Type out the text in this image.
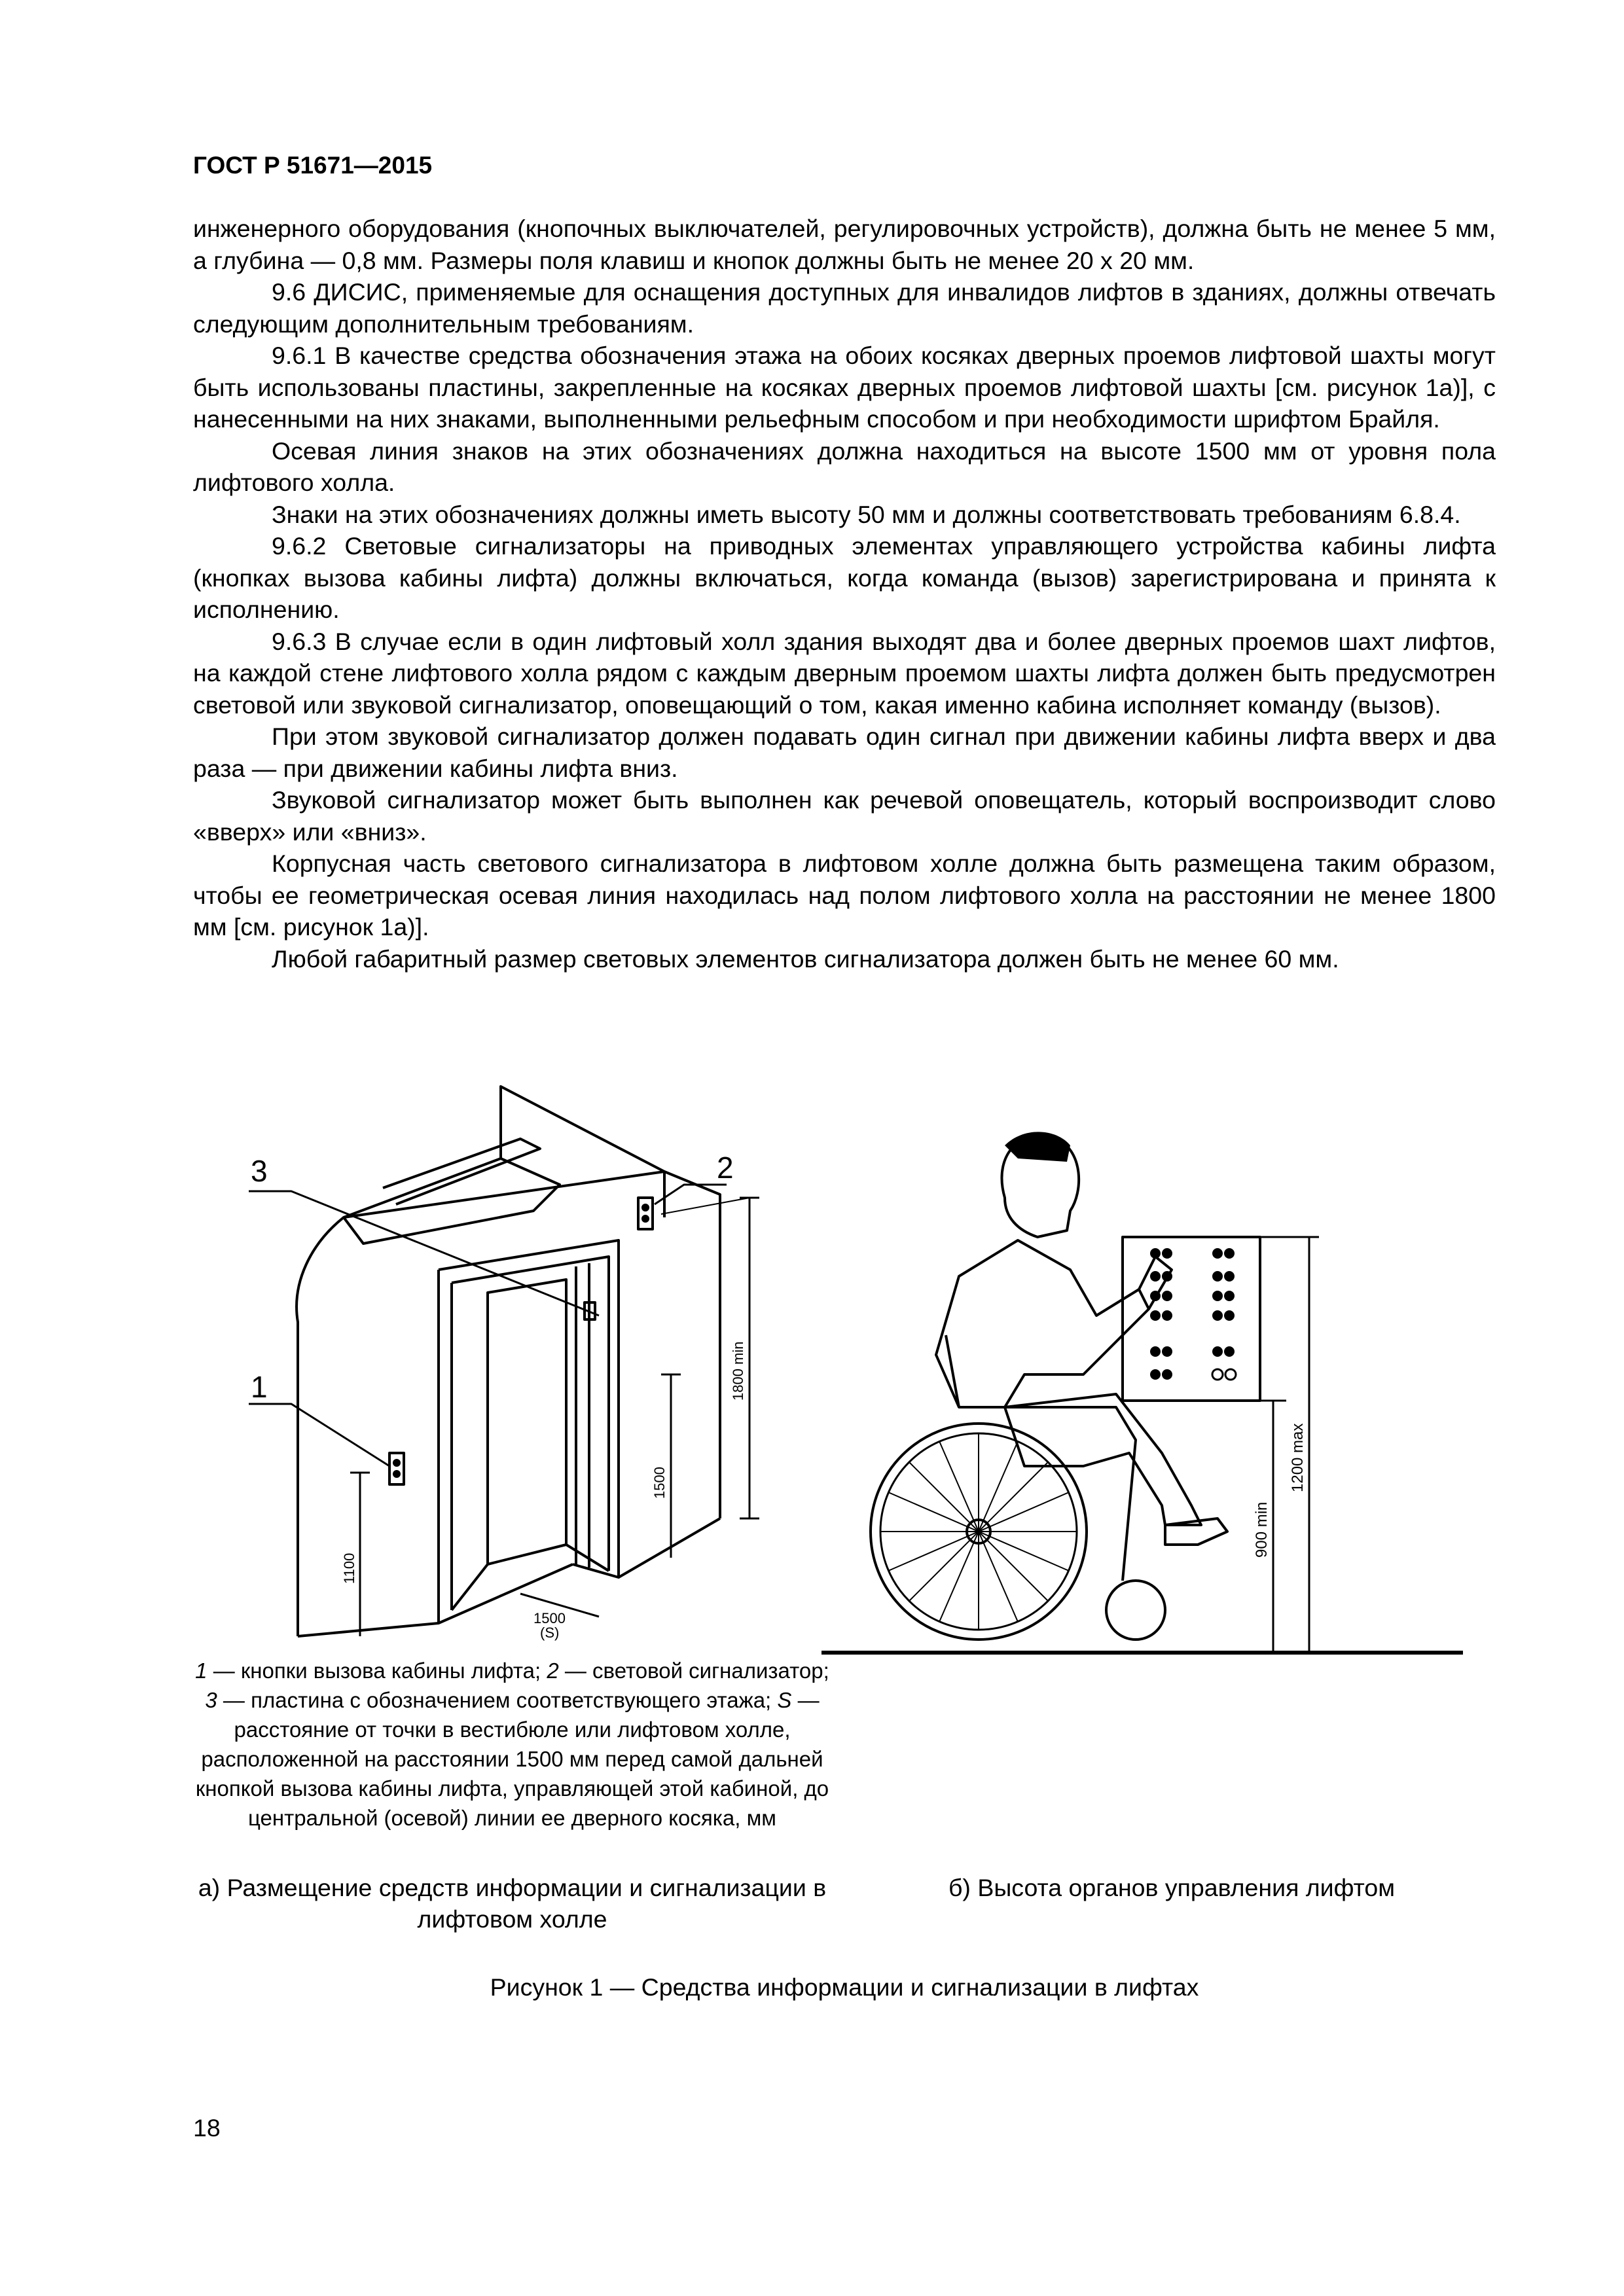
ГОСТ Р 51671—2015

инженерного оборудования (кнопочных выключателей, регулировочных устройств), должна быть не менее 5 мм, а глубина — 0,8 мм. Размеры поля клавиш и кнопок должны быть не менее 20 х 20 мм.

9.6 ДИСИС, применяемые для оснащения доступных для инвалидов лифтов в зданиях, должны отвечать следующим дополнительным требованиям.

9.6.1 В качестве средства обозначения этажа на обоих косяках дверных проемов лифтовой шахты могут быть использованы пластины, закрепленные на косяках дверных проемов лифтовой шахты [см. рисунок 1а)], с нанесенными на них знаками, выполненными рельефным способом и при необходимости шрифтом Брайля.

Осевая линия знаков на этих обозначениях должна находиться на высоте 1500 мм от уровня пола лифтового холла.

Знаки на этих обозначениях должны иметь высоту 50 мм и должны соответствовать требованиям 6.8.4.

9.6.2 Световые сигнализаторы на приводных элементах управляющего устройства кабины лифта (кнопках вызова кабины лифта) должны включаться, когда команда (вызов) зарегистрирована и принята к исполнению.

9.6.3 В случае если в один лифтовый холл здания выходят два и более дверных проемов шахт лифтов, на каждой стене лифтового холла рядом с каждым дверным проемом шахты лифта должен быть предусмотрен световой или звуковой сигнализатор, оповещающий о том, какая именно кабина исполняет команду (вызов).

При этом звуковой сигнализатор должен подавать один сигнал при движении кабины лифта вверх и два раза — при движении кабины лифта вниз.

Звуковой сигнализатор может быть выполнен как речевой оповещатель, который воспроизводит слово «вверх» или «вниз».

Корпусная часть светового сигнализатора в лифтовом холле должна быть размещена таким образом, чтобы ее геометрическая осевая линия находилась над полом лифтового холла на расстоянии не менее 1800 мм [см. рисунок 1а)].

Любой габаритный размер световых элементов сигнализатора должен быть не менее 60 мм.

3	2
1	1800 min
1500
1100
1500
(S)
900 min
1200 max
1 — кнопки вызова кабины лифта; 2 — световой сигнализатор; 3 — пластина с обозначением соответствующего этажа; S — расстояние от точки в вестибюле или лифтовом холле, расположенной на расстоянии 1500 мм перед самой дальней кнопкой вызова кабины лифта, управляющей этой кабиной, до центральной (осевой) линии ее дверного косяка, мм
а) Размещение средств информации и сигнализации в лифтовом холле
б) Высота органов управления лифтом
Рисунок 1 — Средства информации и сигнализации в лифтах
18
